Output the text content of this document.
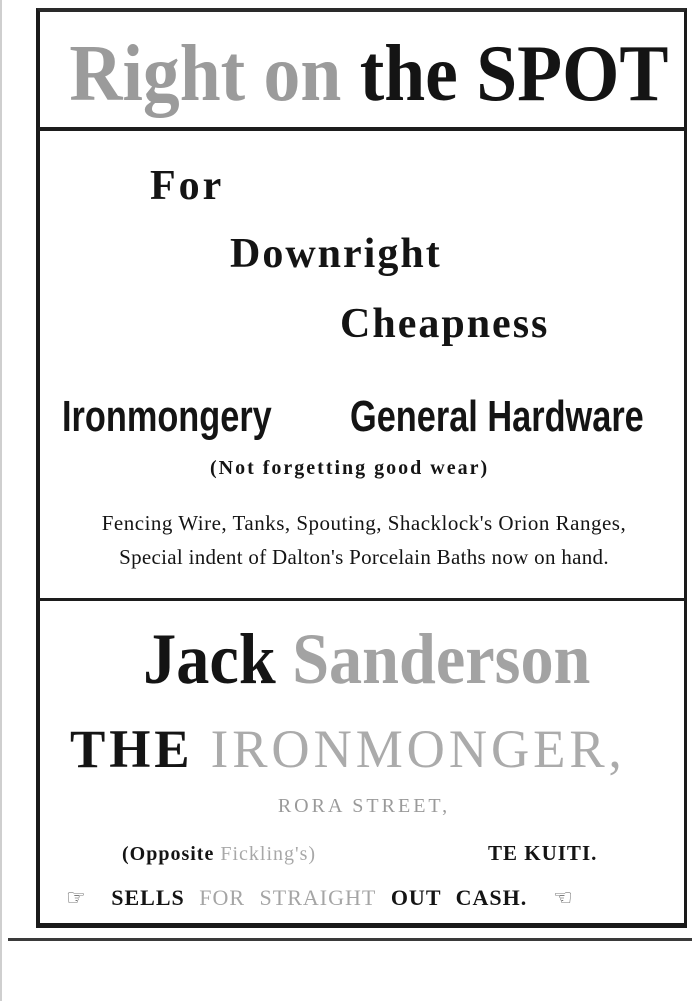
Right on the SPOT
For
Downright
Cheapness
Ironmongery General Hardware
(Not forgetting good wear)
Fencing Wire, Tanks, Spouting, Shacklock's Orion Ranges,
Special indent of Dalton's Porcelain Baths now on hand.
Jack Sanderson
THE IRONMONGER,
RORA STREET,
(Opposite Fickling's)	TE KUITI.
☞ SELLS FOR STRAIGHT OUT CASH. ☞
